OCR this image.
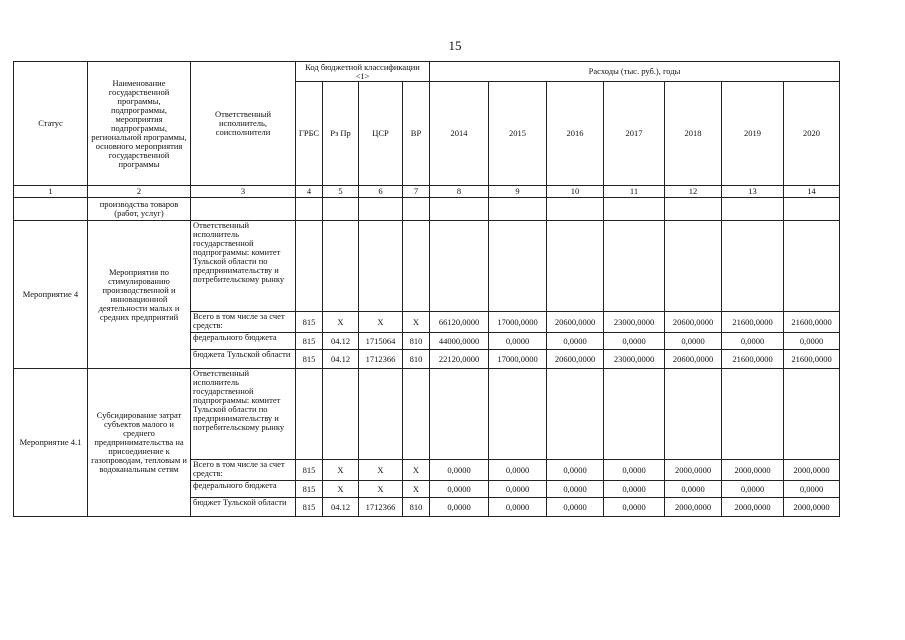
15
Статус	Наименование государственной программы, подпрограммы, мероприятия подпрограммы, региональной программы, основного мероприятия государственной программы	Ответственный исполнитель, соисполнители	Код бюджетной классификации <1>				Расходы (тыс. руб.), годы						
			ГРБС	Рз Пр	ЦСР	ВР	2014	2015	2016	2017	2018	2019	2020
1	2	3	4	5	6	7	8	9	10	11	12	13	14
	производства товаров (работ, услуг)												
Мероприятие 4	Мероприятия по стимулированию производственной и инновационной деятельности малых и средних предприятий	Ответственный исполнитель государственной подпрограммы: комитет Тульской области по предпринимательству и потребительскому рынку											
		Всего в том числе за счет средств:	815	X	X	X	66120,0000	17000,0000	20600,0000	23000,0000	20600,0000	21600,0000	21600,0000
		федерального бюджета	815	04.12	1715064	810	44000,0000	0,0000	0,0000	0,0000	0,0000	0,0000	0,0000
		бюджета Тульской области	815	04.12	1712366	810	22120,0000	17000,0000	20600,0000	23000,0000	20600,0000	21600,0000	21600,0000
Мероприятие 4.1	Субсидирование затрат субъектов малого и среднего предпринимательства на присоединение к газопроводам, тепловым и водоканальным сетям	Ответственный исполнитель государственной подпрограммы: комитет Тульской области по предпринимательству и потребительскому рынку											
		Всего в том числе за счет средств:	815	X	X	X	0,0000	0,0000	0,0000	0,0000	2000,0000	2000,0000	2000,0000
		федерального бюджета	815	X	X	X	0,0000	0,0000	0,0000	0,0000	0,0000	0,0000	0,0000
		бюджет Тульской области	815	04.12	1712366	810	0,0000	0,0000	0,0000	0,0000	2000,0000	2000,0000	2000,0000
